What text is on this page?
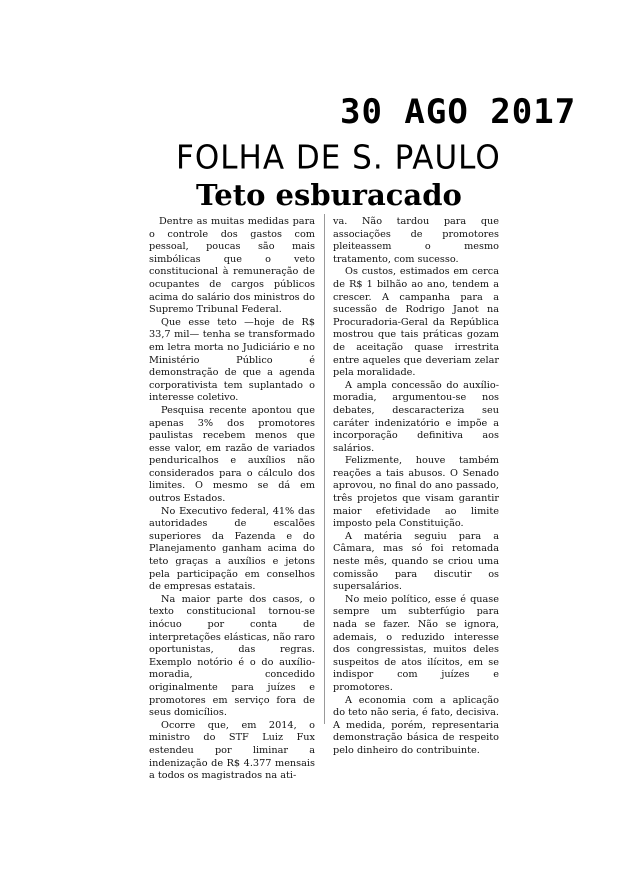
30 AGO 2017
FOLHA DE S. PAULO
Teto esburacado

Dentre as muitas medidas para o controle dos gastos com pessoal, poucas são mais simbólicas que o veto constitucional à remuneração de ocupantes de cargos públicos acima do salário dos ministros do Supremo Tribunal Federal.

Que esse teto —hoje de R$ 33,7 mil— tenha se transformado em letra morta no Judiciário e no Ministério Público é demonstração de que a agenda corporativista tem suplantado o interesse coletivo.

Pesquisa recente apontou que apenas 3% dos promotores paulistas recebem menos que esse valor, em razão de variados penduricalhos e auxílios não considerados para o cálculo dos limites. O mesmo se dá em outros Estados.

No Executivo federal, 41% das autoridades de escalões superiores da Fazenda e do Planejamento ganham acima do teto graças a auxílios e jetons pela participação em conselhos de empresas estatais.

Na maior parte dos casos, o texto constitucional tornou-se inócuo por conta de interpretações elásticas, não raro oportunistas, das regras. Exemplo notório é o do auxílio-moradia, concedido originalmente para juízes e promotores em serviço fora de seus domicílios.

Ocorre que, em 2014, o ministro do STF Luiz Fux estendeu por liminar a indenização de R$ 4.377 mensais a todos os magistrados na ati-

va. Não tardou para que associações de promotores pleiteassem o mesmo tratamento, com sucesso.

Os custos, estimados em cerca de R$ 1 bilhão ao ano, tendem a crescer. A campanha para a sucessão de Rodrigo Janot na Procuradoria-Geral da República mostrou que tais práticas gozam de aceitação quase irrestrita entre aqueles que deveriam zelar pela moralidade.

A ampla concessão do auxílio-moradia, argumentou-se nos debates, descaracteriza seu caráter indenizatório e impõe a incorporação definitiva aos salários.

Felizmente, houve também reações a tais abusos. O Senado aprovou, no final do ano passado, três projetos que visam garantir maior efetividade ao limite imposto pela Constituição.

A matéria seguiu para a Câmara, mas só foi retomada neste mês, quando se criou uma comissão para discutir os supersalários.

No meio político, esse é quase sempre um subterfúgio para nada se fazer. Não se ignora, ademais, o reduzido interesse dos congressistas, muitos deles suspeitos de atos ilícitos, em se indispor com juízes e promotores.

A economia com a aplicação do teto não seria, é fato, decisiva. A medida, porém, representaria demonstração básica de respeito pelo dinheiro do contribuinte.
